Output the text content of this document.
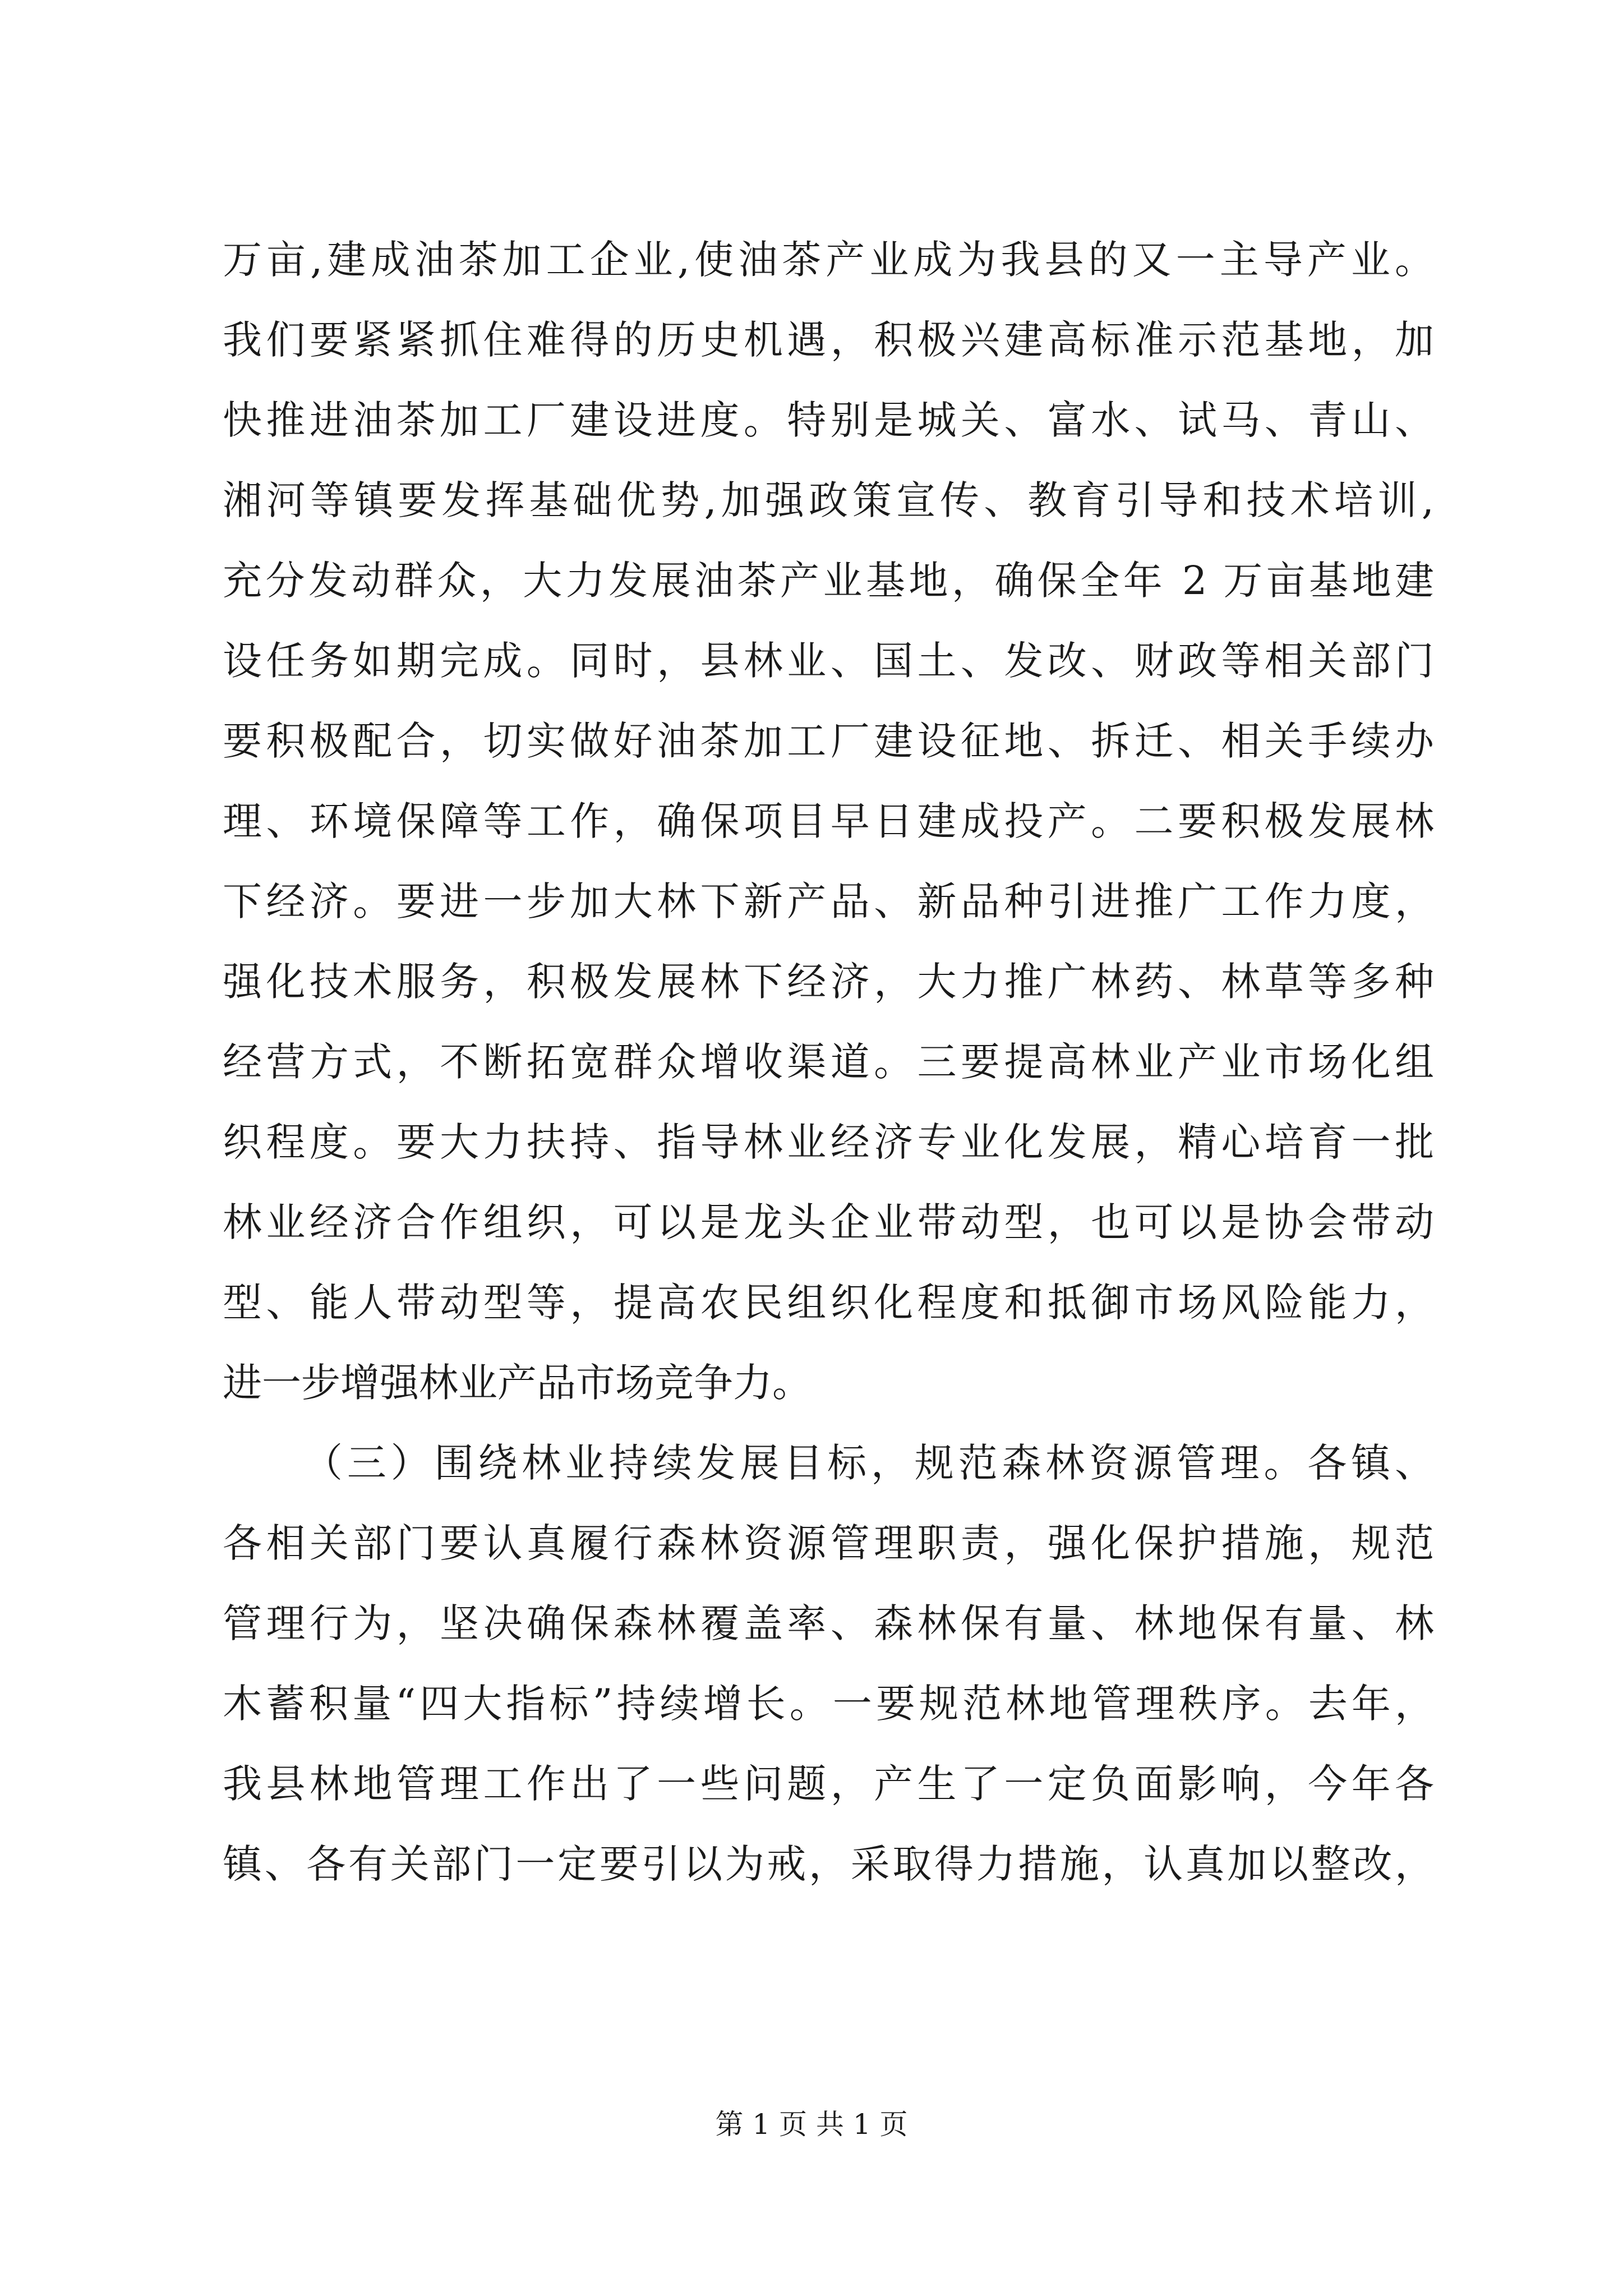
万亩,建成油茶加工企业,使油茶产业成为我县的又一主导产业。
我们要紧紧抓住难得的历史机遇，积极兴建高标准示范基地，加
快推进油茶加工厂建设进度。特别是城关、富水、试马、青山、
湘河等镇要发挥基础优势,加强政策宣传、教育引导和技术培训,
充分发动群众，大力发展油茶产业基地，确保全年 2 万亩基地建
设任务如期完成。同时，县林业、国土、发改、财政等相关部门
要积极配合，切实做好油茶加工厂建设征地、拆迁、相关手续办
理、环境保障等工作，确保项目早日建成投产。二要积极发展林
下经济。要进一步加大林下新产品、新品种引进推广工作力度，
强化技术服务，积极发展林下经济，大力推广林药、林草等多种
经营方式，不断拓宽群众增收渠道。三要提高林业产业市场化组
织程度。要大力扶持、指导林业经济专业化发展，精心培育一批
林业经济合作组织，可以是龙头企业带动型，也可以是协会带动
型、能人带动型等，提高农民组织化程度和抵御市场风险能力，
进一步增强林业产品市场竞争力。
（三）围绕林业持续发展目标，规范森林资源管理。各镇、
各相关部门要认真履行森林资源管理职责，强化保护措施，规范
管理行为，坚决确保森林覆盖率、森林保有量、林地保有量、林
木蓄积量“四大指标”持续增长。一要规范林地管理秩序。去年，
我县林地管理工作出了一些问题，产生了一定负面影响，今年各
镇、各有关部门一定要引以为戒，采取得力措施，认真加以整改，
第 1 页 共 1 页
